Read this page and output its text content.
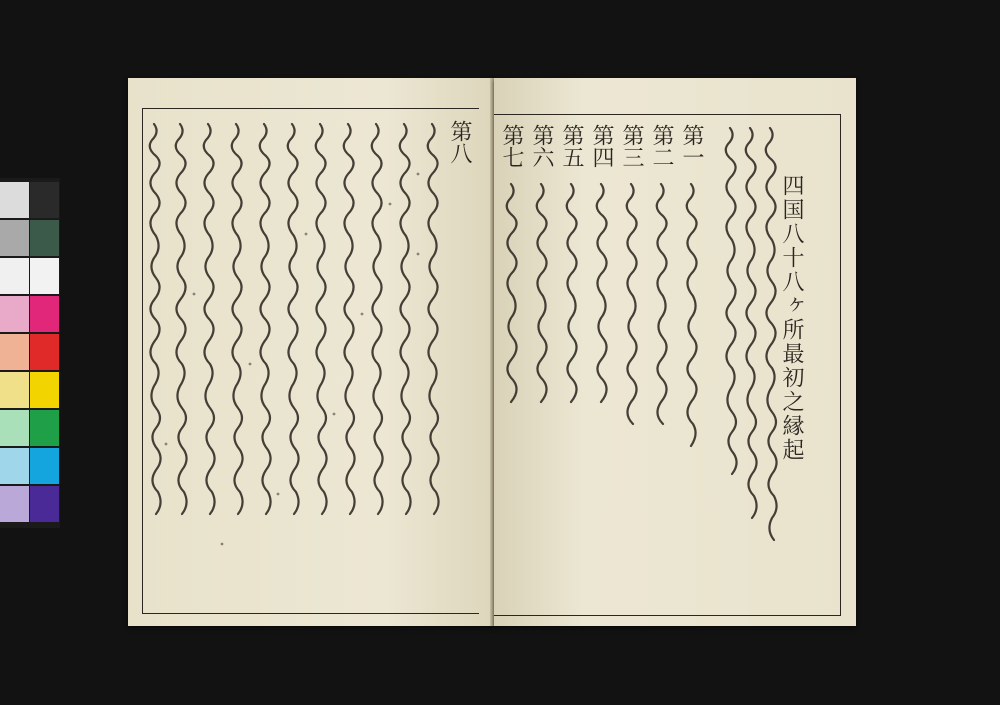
第八
四国八十八ヶ所最初之縁起
第一
第二
第三
第四
第五
第六
第七
